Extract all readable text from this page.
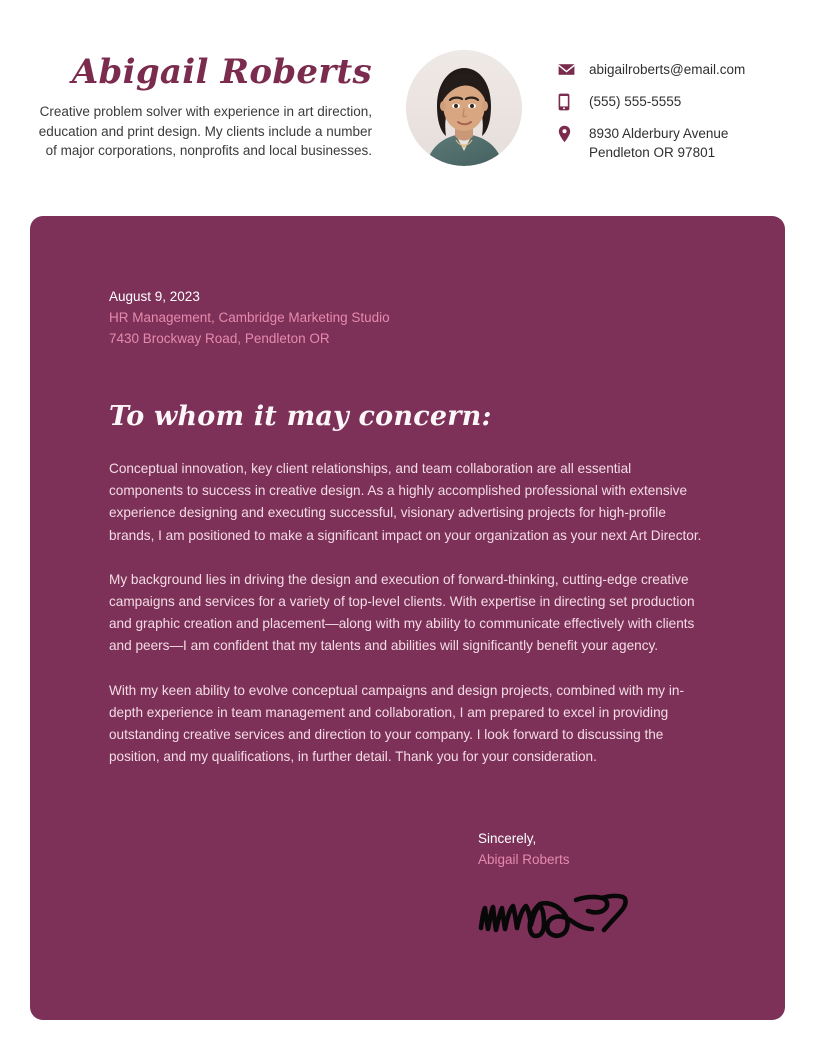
Abigail Roberts

Creative problem solver with experience in art direction, education and print design. My clients include a number of major corporations, nonprofits and local businesses.

abigailroberts@email.com
(555) 555-5555
8930 Alderbury Avenue
Pendleton OR 97801

August 9, 2023

HR Management, Cambridge Marketing Studio

7430 Brockway Road, Pendleton OR

To whom it may concern:

Conceptual innovation, key client relationships, and team collaboration are all essential components to success in creative design. As a highly accomplished professional with extensive experience designing and executing successful, visionary advertising projects for high-profile brands, I am positioned to make a significant impact on your organization as your next Art Director.

My background lies in driving the design and execution of forward-thinking, cutting-edge creative campaigns and services for a variety of top-level clients. With expertise in directing set production and graphic creation and placement—along with my ability to communicate effectively with clients and peers—I am confident that my talents and abilities will significantly benefit your agency.

With my keen ability to evolve conceptual campaigns and design projects, combined with my in-depth experience in team management and collaboration, I am prepared to excel in providing outstanding creative services and direction to your company. I look forward to discussing the position, and my qualifications, in further detail. Thank you for your consideration.

Sincerely,

Abigail Roberts
